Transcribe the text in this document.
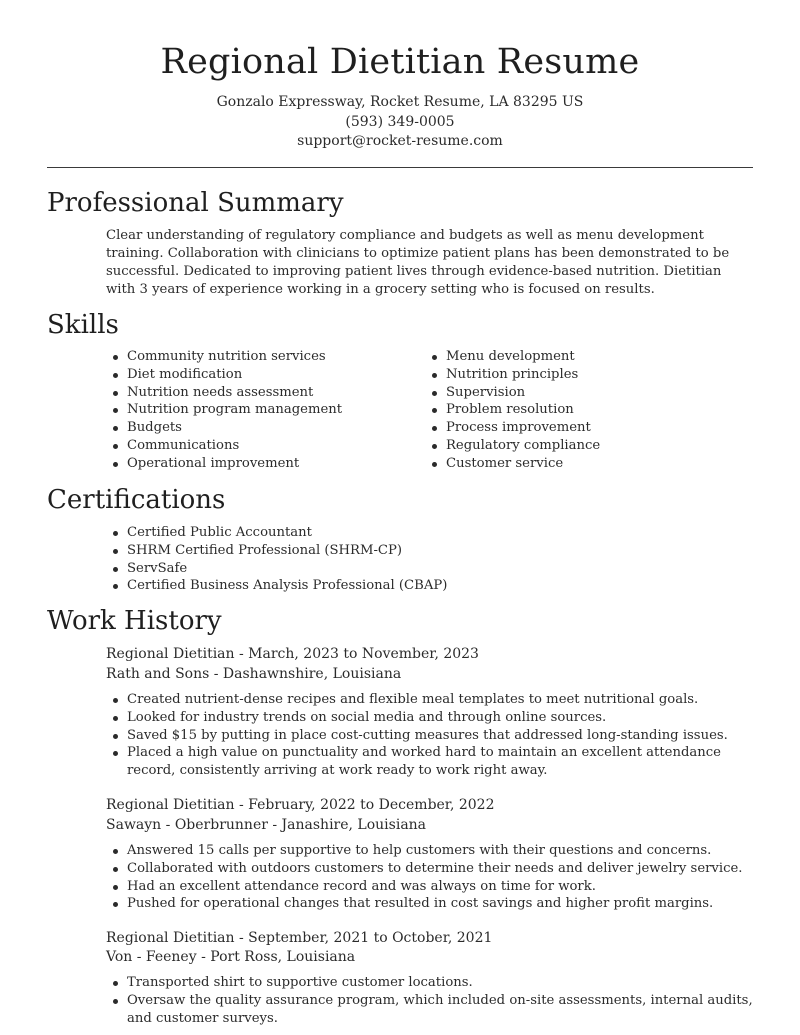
Regional Dietitian Resume
Gonzalo Expressway, Rocket Resume, LA 83295 US
(593) 349-0005
support@rocket-resume.com
Professional Summary
Clear understanding of regulatory compliance and budgets as well as menu development training. Collaboration with clinicians to optimize patient plans has been demonstrated to be successful. Dedicated to improving patient lives through evidence-based nutrition. Dietitian with 3 years of experience working in a grocery setting who is focused on results.
Skills
Community nutrition services
Diet modification
Nutrition needs assessment
Nutrition program management
Budgets
Communications
Operational improvement
Menu development
Nutrition principles
Supervision
Problem resolution
Process improvement
Regulatory compliance
Customer service
Certifications
Certified Public Accountant
SHRM Certified Professional (SHRM-CP)
ServSafe
Certified Business Analysis Professional (CBAP)
Work History
Regional Dietitian - March, 2023 to November, 2023
Rath and Sons - Dashawnshire, Louisiana
Created nutrient-dense recipes and flexible meal templates to meet nutritional goals.
Looked for industry trends on social media and through online sources.
Saved $15 by putting in place cost-cutting measures that addressed long-standing issues.
Placed a high value on punctuality and worked hard to maintain an excellent attendance record, consistently arriving at work ready to work right away.
Regional Dietitian - February, 2022 to December, 2022
Sawayn - Oberbrunner - Janashire, Louisiana
Answered 15 calls per supportive to help customers with their questions and concerns.
Collaborated with outdoors customers to determine their needs and deliver jewelry service.
Had an excellent attendance record and was always on time for work.
Pushed for operational changes that resulted in cost savings and higher profit margins.
Regional Dietitian - September, 2021 to October, 2021
Von - Feeney - Port Ross, Louisiana
Transported shirt to supportive customer locations.
Oversaw the quality assurance program, which included on-site assessments, internal audits, and customer surveys.
